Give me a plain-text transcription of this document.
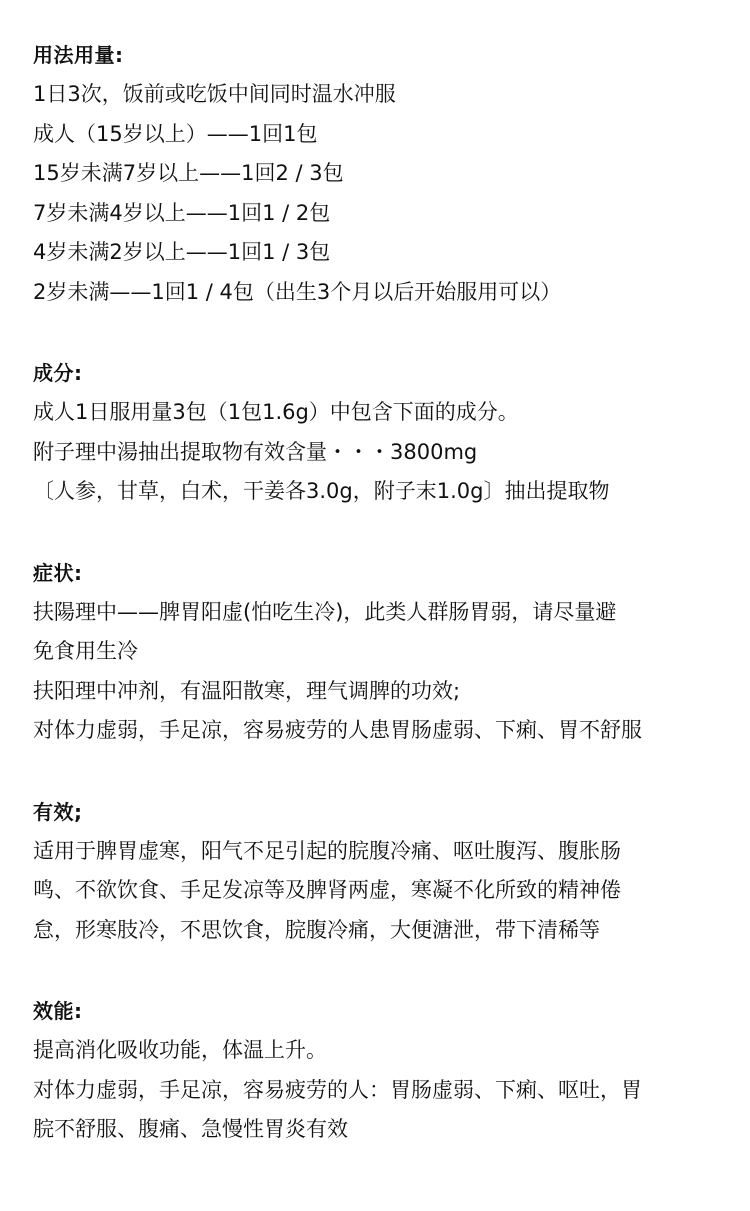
用法用量:
1日3次，饭前或吃饭中间同时温水冲服
成人（15岁以上）——1回1包
15岁未满7岁以上——1回2 / 3包
7岁未满4岁以上——1回1 / 2包
4岁未满2岁以上——1回1 / 3包
2岁未满——1回1 / 4包（出生3个月以后开始服用可以）
成分:
成人1日服用量3包（1包1.6g）中包含下面的成分。
附子理中湯抽出提取物有效含量・・・3800mg
〔人参，甘草，白术，干姜各3.0g，附子末1.0g〕抽出提取物
症状:
扶陽理中——脾胃阳虚(怕吃生冷)，此类人群肠胃弱，请尽量避
免食用生冷
扶阳理中冲剂，有温阳散寒，理气调脾的功效;
对体力虚弱，手足凉，容易疲劳的人患胃肠虚弱、下痢、胃不舒服
有效;
适用于脾胃虚寒，阳气不足引起的脘腹冷痛、呕吐腹泻、腹胀肠
鸣、不欲饮食、手足发凉等及脾肾两虚，寒凝不化所致的精神倦
怠，形寒肢冷，不思饮食，脘腹冷痛，大便溏泄，带下清稀等
效能:
提高消化吸收功能，体温上升。
对体力虚弱，手足凉，容易疲劳的人：胃肠虚弱、下痢、呕吐，胃
脘不舒服、腹痛、急慢性胃炎有效
